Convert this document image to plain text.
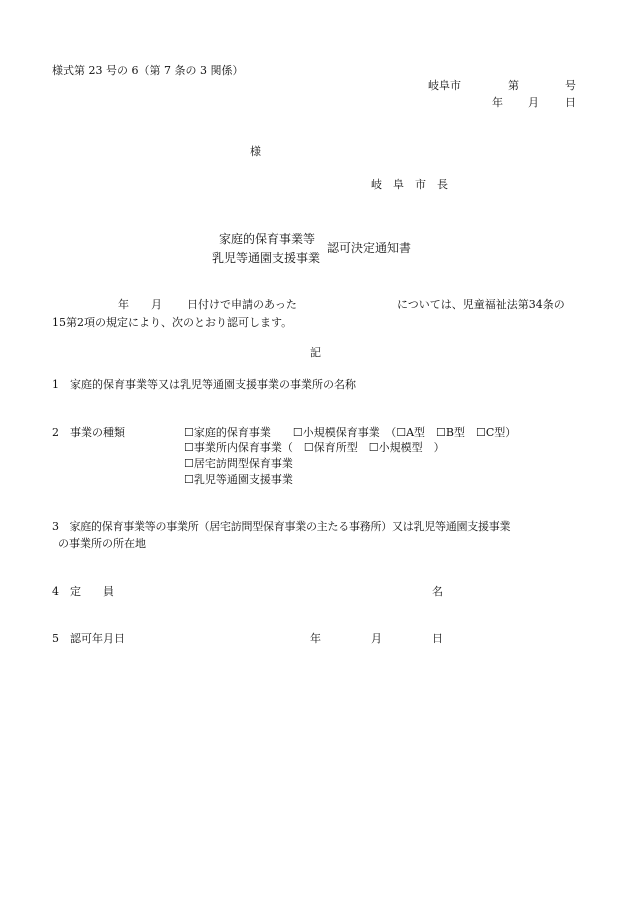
様式第 23 号の 6（第 7 条の 3 関係）
岐阜市	第	号
年 月 日
様
岐　阜　市　長
家庭的保育事業等
乳児等通園支援事業
認可決定通知書
年 月 日付けで申請のあった	については、児童福祉法第34条の
15第2項の規定により、次のとおり認可します。
記
1　家庭的保育事業等又は乳児等通園支援事業の事業所の名称
2　事業の種類	☐家庭的保育事業　　☐小規模保育事業　（☐A型　☐B型　☐C型）
☐事業所内保育事業（　☐保育所型　☐小規模型　）
☐居宅訪問型保育事業
☐乳児等通園支援事業
3　家庭的保育事業等の事業所（居宅訪問型保育事業の主たる事務所）又は乳児等通園支援事業
の事業所の所在地
4　定　　員	名
5　認可年月日	年	月	日
